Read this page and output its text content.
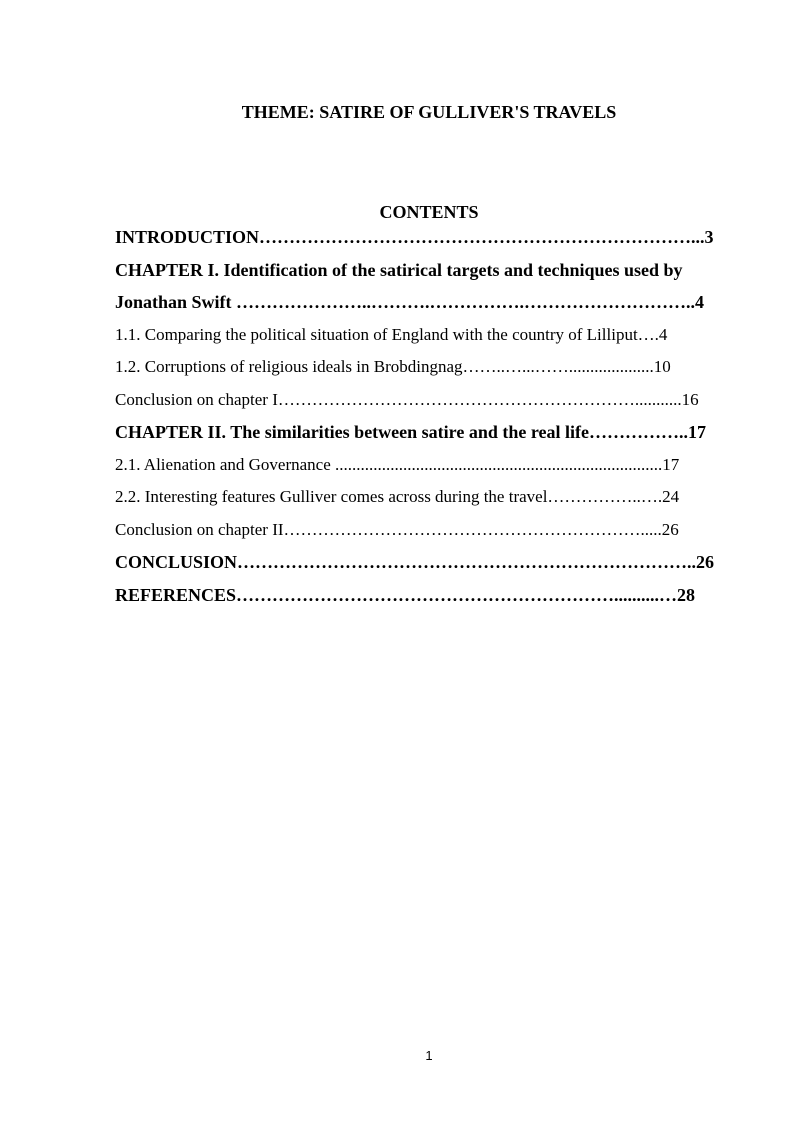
THEME: SATIRE OF GULLIVER'S TRAVELS
CONTENTS
INTRODUCTION………………………………………………………………...3
CHAPTER I. Identification of the satirical targets and techniques used by
Jonathan Swift …………………..……….…………….………………………..4
1.1. Comparing the political situation of England with the country of Lilliput….4
1.2. Corruptions of religious ideals in Brobdingnag……..…...……....................10
Conclusion on chapter I………………………………………………………...........16
CHAPTER II. The similarities between satire and the real life……………..17
2.1. Alienation and Governance .............................................................................17
2.2. Interesting features Gulliver comes across during the travel……………..….24
Conclusion on chapter II……………………………………………………….....26
CONCLUSION…………………………………………………………………..26
REFERENCES………………………………………………………..........…28
1
